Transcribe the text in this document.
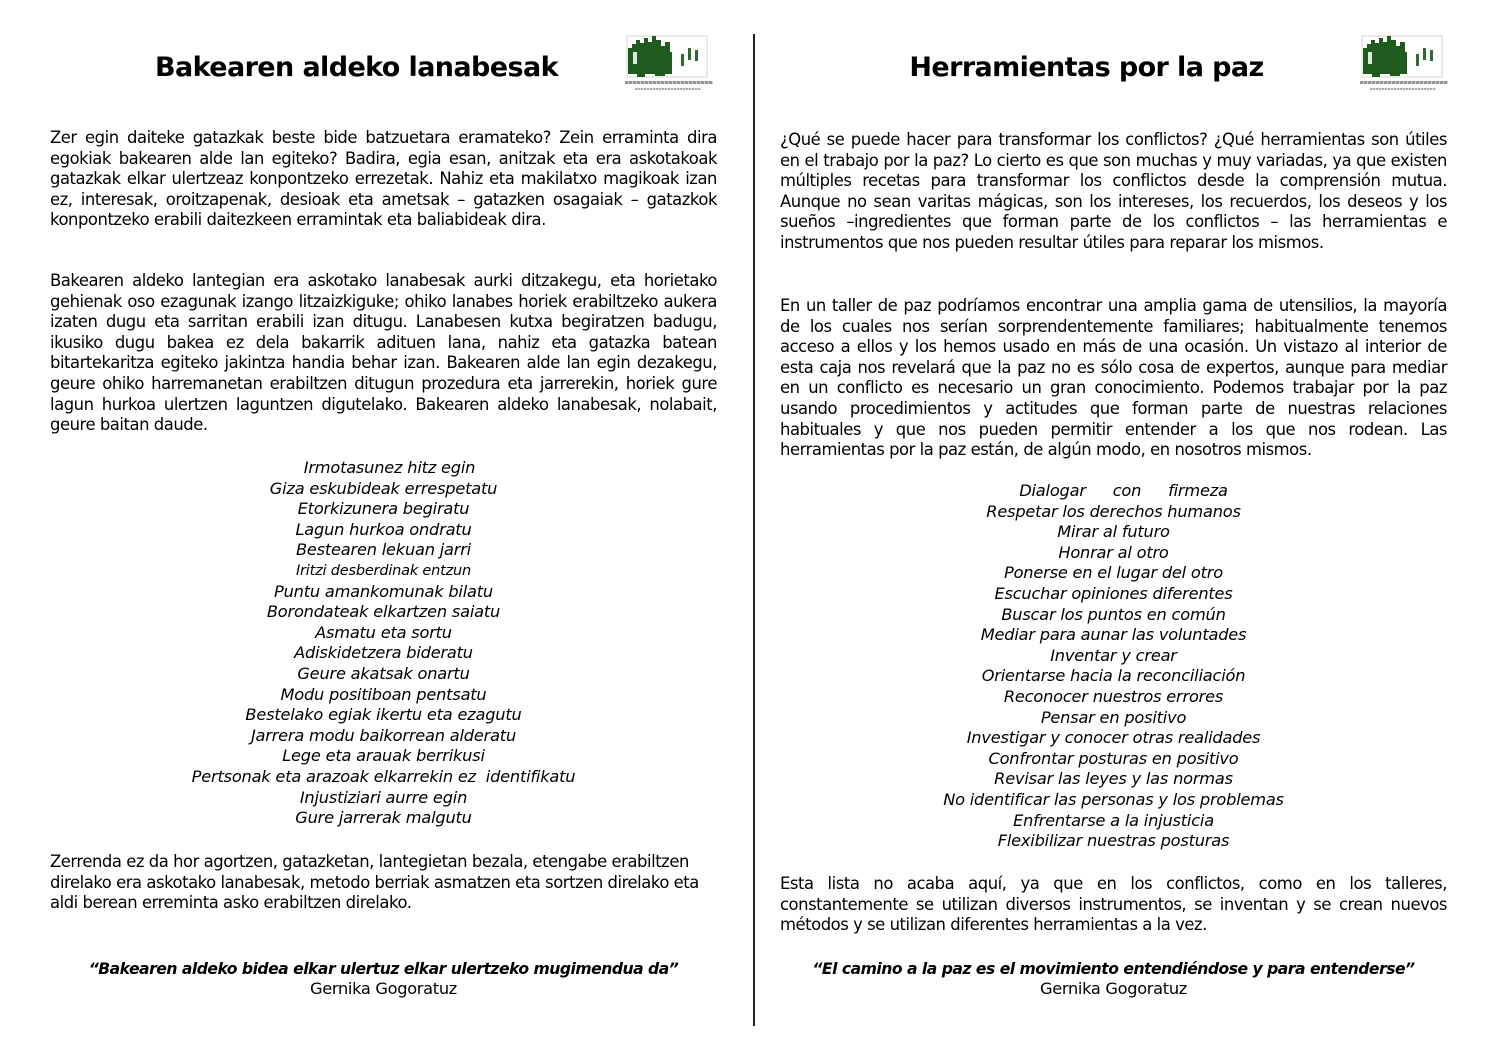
Bakearen aldeko lanabesak

Zer egin daiteke gatazkak beste bide batzuetara eramateko? Zein erraminta dira egokiak bakearen alde lan egiteko? Badira, egia esan, anitzak eta era askotakoak gatazkak elkar ulertzeaz konpontzeko errezetak. Nahiz eta makilatxo magikoak izan ez, interesak, oroitzapenak, desioak eta ametsak – gatazken osagaiak – gatazkok konpontzeko erabili daitezkeen erramintak eta baliabideak dira.

Bakearen aldeko lantegian era askotako lanabesak aurki ditzakegu, eta horietako gehienak oso ezagunak izango litzaizkiguke; ohiko lanabes horiek erabiltzeko aukera izaten dugu eta sarritan erabili izan ditugu. Lanabesen kutxa begiratzen badugu, ikusiko dugu bakea ez dela bakarrik adituen lana, nahiz eta gatazka batean bitartekaritza egiteko jakintza handia behar izan. Bakearen alde lan egin dezakegu, geure ohiko harremanetan erabiltzen ditugun prozedura eta jarrerekin, horiek gure lagun hurkoa ulertzen laguntzen digutelako. Bakearen aldeko lanabesak, nolabait, geure baitan daude.

Irmotasunez hitz egin
Giza eskubideak errespetatu
Etorkizunera begiratu
Lagun hurkoa ondratu
Bestearen lekuan jarri
Iritzi desberdinak entzun
Puntu amankomunak bilatu
Borondateak elkartzen saiatu
Asmatu eta sortu
Adiskidetzera bideratu
Geure akatsak onartu
Modu positiboan pentsatu
Bestelako egiak ikertu eta ezagutu
Jarrera modu baikorrean alderatu
Lege eta arauak berrikusi
Pertsonak eta arazoak elkarrekin ez  identifikatu
Injustiziari aurre egin
Gure jarrerak malgutu

Zerrenda ez da hor agortzen, gatazketan, lantegietan bezala, etengabe erabiltzen direlako era askotako lanabesak, metodo berriak asmatzen eta sortzen direlako eta aldi berean erreminta asko erabiltzen direlako.

“Bakearen aldeko bidea elkar ulertuz elkar ulertzeko mugimendua da”
Gernika Gogoratuz
Herramientas por la paz

¿Qué se puede hacer para transformar los conflictos? ¿Qué herramientas son útiles en el trabajo por la paz? Lo cierto es que son muchas y muy variadas, ya que existen múltiples recetas para transformar los conflictos desde la comprensión mutua. Aunque no sean varitas mágicas, son los intereses, los recuerdos, los deseos y los sueños –ingredientes que forman parte de los conflictos – las herramientas e instrumentos que nos pueden resultar útiles para reparar los mismos.

En un taller de paz podríamos encontrar una amplia gama de utensilios, la mayoría de los cuales nos serían sorprendentemente familiares; habitualmente tenemos acceso a ellos y los hemos usado en más de una ocasión. Un vistazo al interior de esta caja nos revelará que la paz no es sólo cosa de expertos, aunque para mediar en un conflicto es necesario un gran conocimiento. Podemos trabajar por la paz usando procedimientos y actitudes que forman parte de nuestras relaciones habituales y que nos pueden permitir entender a los que nos rodean. Las herramientas por la paz están, de algún modo, en nosotros mismos.

Dialogar con firmeza
Respetar los derechos humanos
Mirar al futuro
Honrar al otro
Ponerse en el lugar del otro
Escuchar opiniones diferentes
Buscar los puntos en común
Mediar para aunar las voluntades
Inventar y crear
Orientarse hacia la reconciliación
Reconocer nuestros errores
Pensar en positivo
Investigar y conocer otras realidades
Confrontar posturas en positivo
Revisar las leyes y las normas
No identificar las personas y los problemas
Enfrentarse a la injusticia
Flexibilizar nuestras posturas

Esta lista no acaba aquí, ya que en los conflictos, como en los talleres, constantemente se utilizan diversos instrumentos, se inventan y se crean nuevos métodos y se utilizan diferentes herramientas a la vez.

“El camino a la paz es el movimiento entendiéndose y para entenderse”
Gernika Gogoratuz
